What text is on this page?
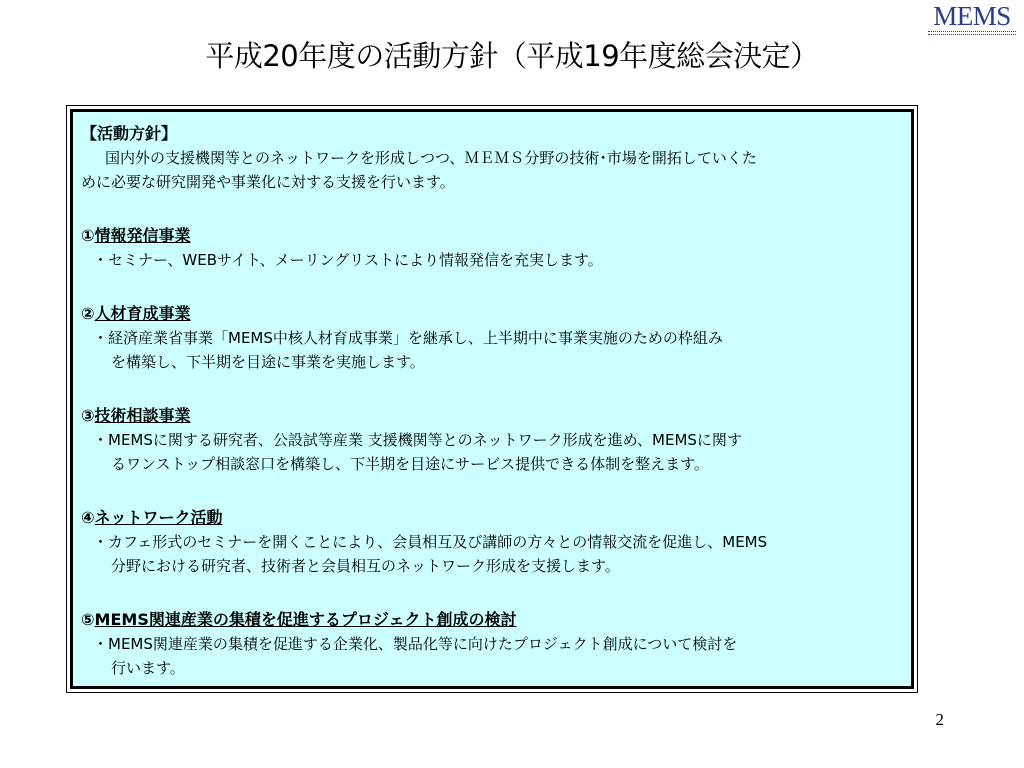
MEMS
平成20年度の活動方針（平成19年度総会決定）

【活動方針】

国内外の支援機関等とのネットワークを形成しつつ、ＭＥＭＳ分野の技術･市場を開拓していくた

めに必要な研究開発や事業化に対する支援を行います。

①情報発信事業

・セミナー、WEBサイト、メーリングリストにより情報発信を充実します。

②人材育成事業

・経済産業省事業「MEMS中核人材育成事業」を継承し、上半期中に事業実施のための枠組み

を構築し、下半期を目途に事業を実施します。

③技術相談事業

・MEMSに関する研究者、公設試等産業 支援機関等とのネットワーク形成を進め、MEMSに関す

るワンストップ相談窓口を構築し、下半期を目途にサービス提供できる体制を整えます。

④ネットワーク活動

・カフェ形式のセミナーを開くことにより、会員相互及び講師の方々との情報交流を促進し、MEMS

分野における研究者、技術者と会員相互のネットワーク形成を支援します。

⑤MEMS関連産業の集積を促進するプロジェクト創成の検討

・MEMS関連産業の集積を促進する企業化、製品化等に向けたプロジェクト創成について検討を

行います。

2
